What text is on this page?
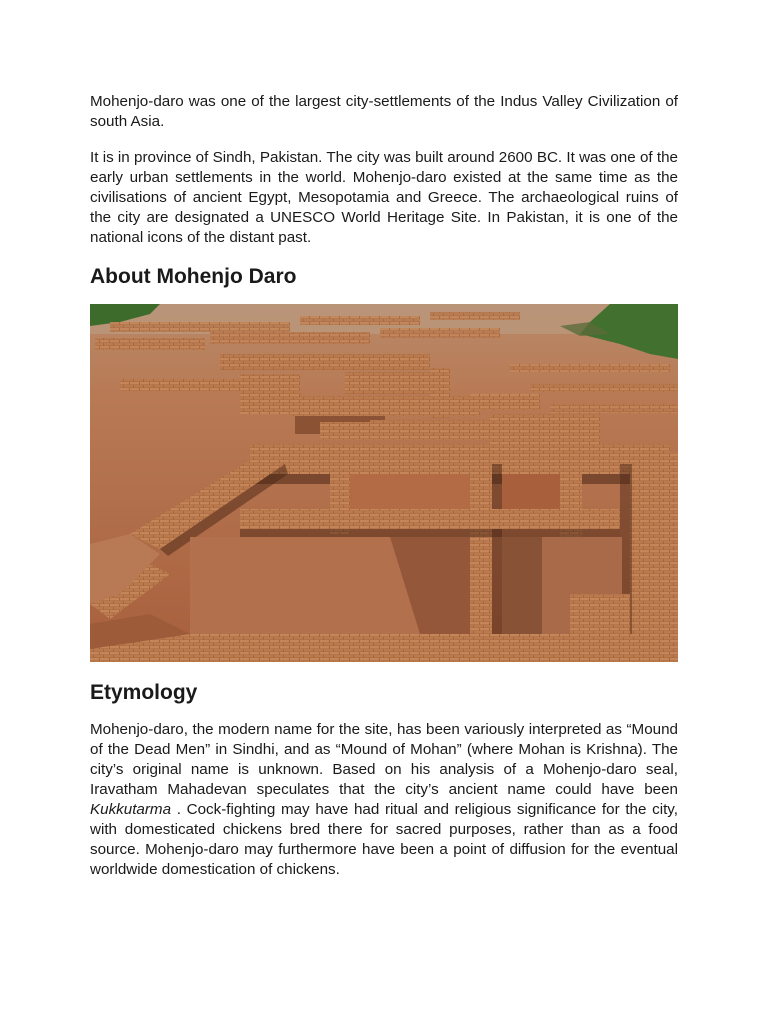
Mohenjo-daro was one of the largest city-settlements of the Indus Valley Civilization of south Asia.

It is in province of Sindh, Pakistan. The city was built around 2600 BC. It was one of the early urban settlements in the world. Mohenjo-daro existed at the same time as the civilisations of ancient Egypt, Mesopotamia and Greece. The archaeological ruins of the city are designated a UNESCO World Heritage Site. In Pakistan, it is one of the national icons of the distant past.

About Mohenjo Daro
Etymology

Mohenjo-daro, the modern name for the site, has been variously interpreted as “Mound of the Dead Men” in Sindhi, and as “Mound of Mohan” (where Mohan is Krishna). The city’s original name is unknown. Based on his analysis of a Mohenjo-daro seal, Iravatham Mahadevan speculates that the city’s ancient name could have been Kukkutarma . Cock-fighting may have had ritual and religious significance for the city, with domesticated chickens bred there for sacred purposes, rather than as a food source. Mohenjo-daro may furthermore have been a point of diffusion for the eventual worldwide domestication of chickens.
